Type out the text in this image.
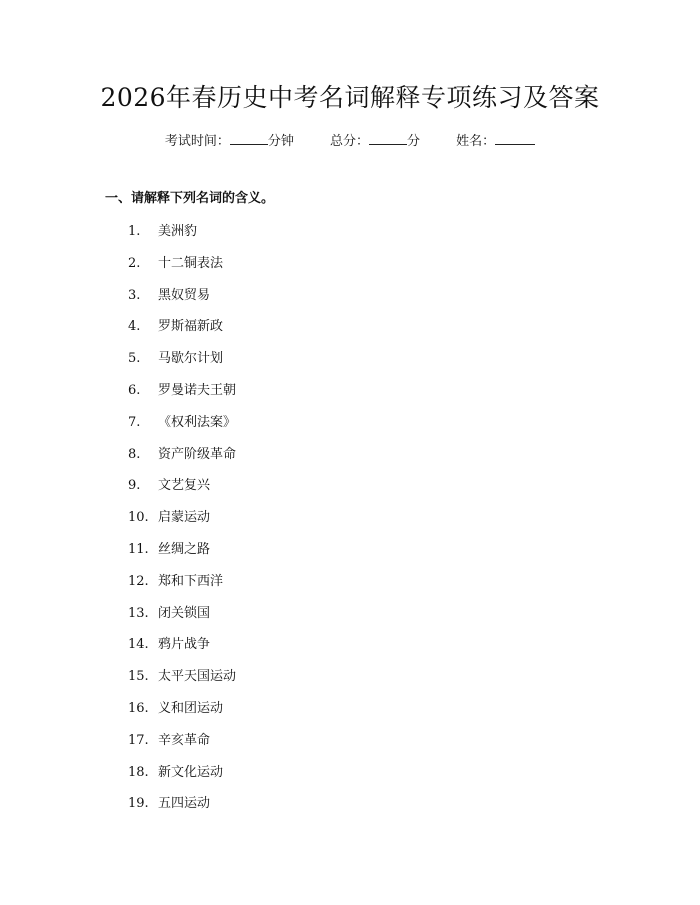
2026年春历史中考名词解释专项练习及答案
考试时间：	分钟	总分：	分	姓名：
一、请解释下列名词的含义。
1.	美洲豹
2.	十二铜表法
3.	黑奴贸易
4.	罗斯福新政
5.	马歇尔计划
6.	罗曼诺夫王朝
7.	《权利法案》
8.	资产阶级革命
9.	文艺复兴
10. 启蒙运动
11. 丝绸之路
12. 郑和下西洋
13. 闭关锁国
14. 鸦片战争
15. 太平天国运动
16. 义和团运动
17. 辛亥革命
18. 新文化运动
19. 五四运动
